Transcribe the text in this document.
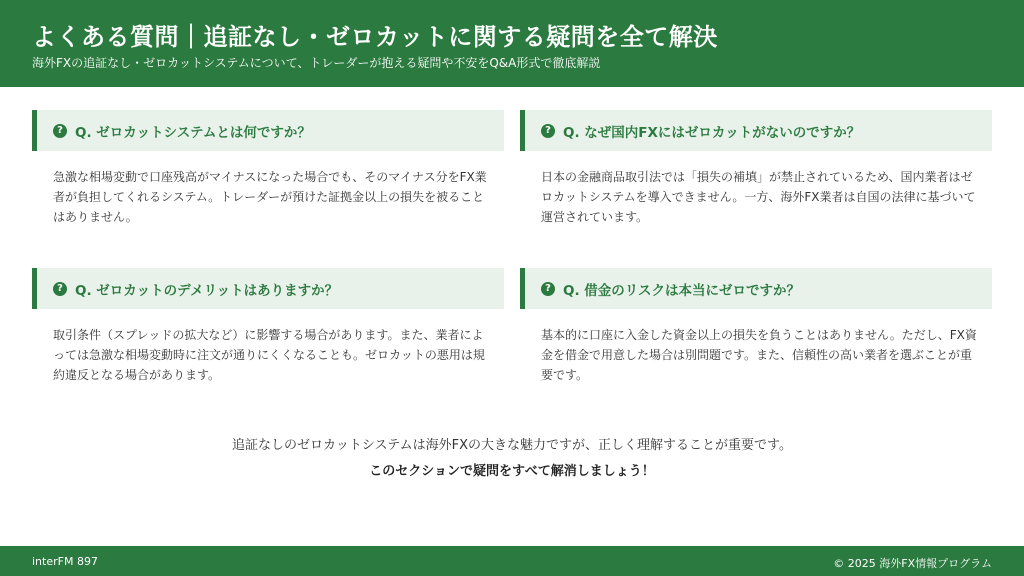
よくある質問｜追証なし・ゼロカットに関する疑問を全て解決
海外FXの追証なし・ゼロカットシステムについて、トレーダーが抱える疑問や不安をQ&A形式で徹底解説
? Q. ゼロカットシステムとは何ですか？
急激な相場変動で口座残高がマイナスになった場合でも、そのマイナス分をFX業者が負担してくれるシステム。トレーダーが預けた証拠金以上の損失を被ることはありません。
? Q. なぜ国内FXにはゼロカットがないのですか？
日本の金融商品取引法では「損失の補填」が禁止されているため、国内業者はゼロカットシステムを導入できません。一方、海外FX業者は自国の法律に基づいて運営されています。
? Q. ゼロカットのデメリットはありますか？
取引条件（スプレッドの拡大など）に影響する場合があります。また、業者によっては急激な相場変動時に注文が通りにくくなることも。ゼロカットの悪用は規約違反となる場合があります。
? Q. 借金のリスクは本当にゼロですか？
基本的に口座に入金した資金以上の損失を負うことはありません。ただし、FX資金を借金で用意した場合は別問題です。また、信頼性の高い業者を選ぶことが重要です。
追証なしのゼロカットシステムは海外FXの大きな魅力ですが、正しく理解することが重要です。
このセクションで疑問をすべて解消しましょう！
interFM 897	© 2025 海外FX情報プログラム
